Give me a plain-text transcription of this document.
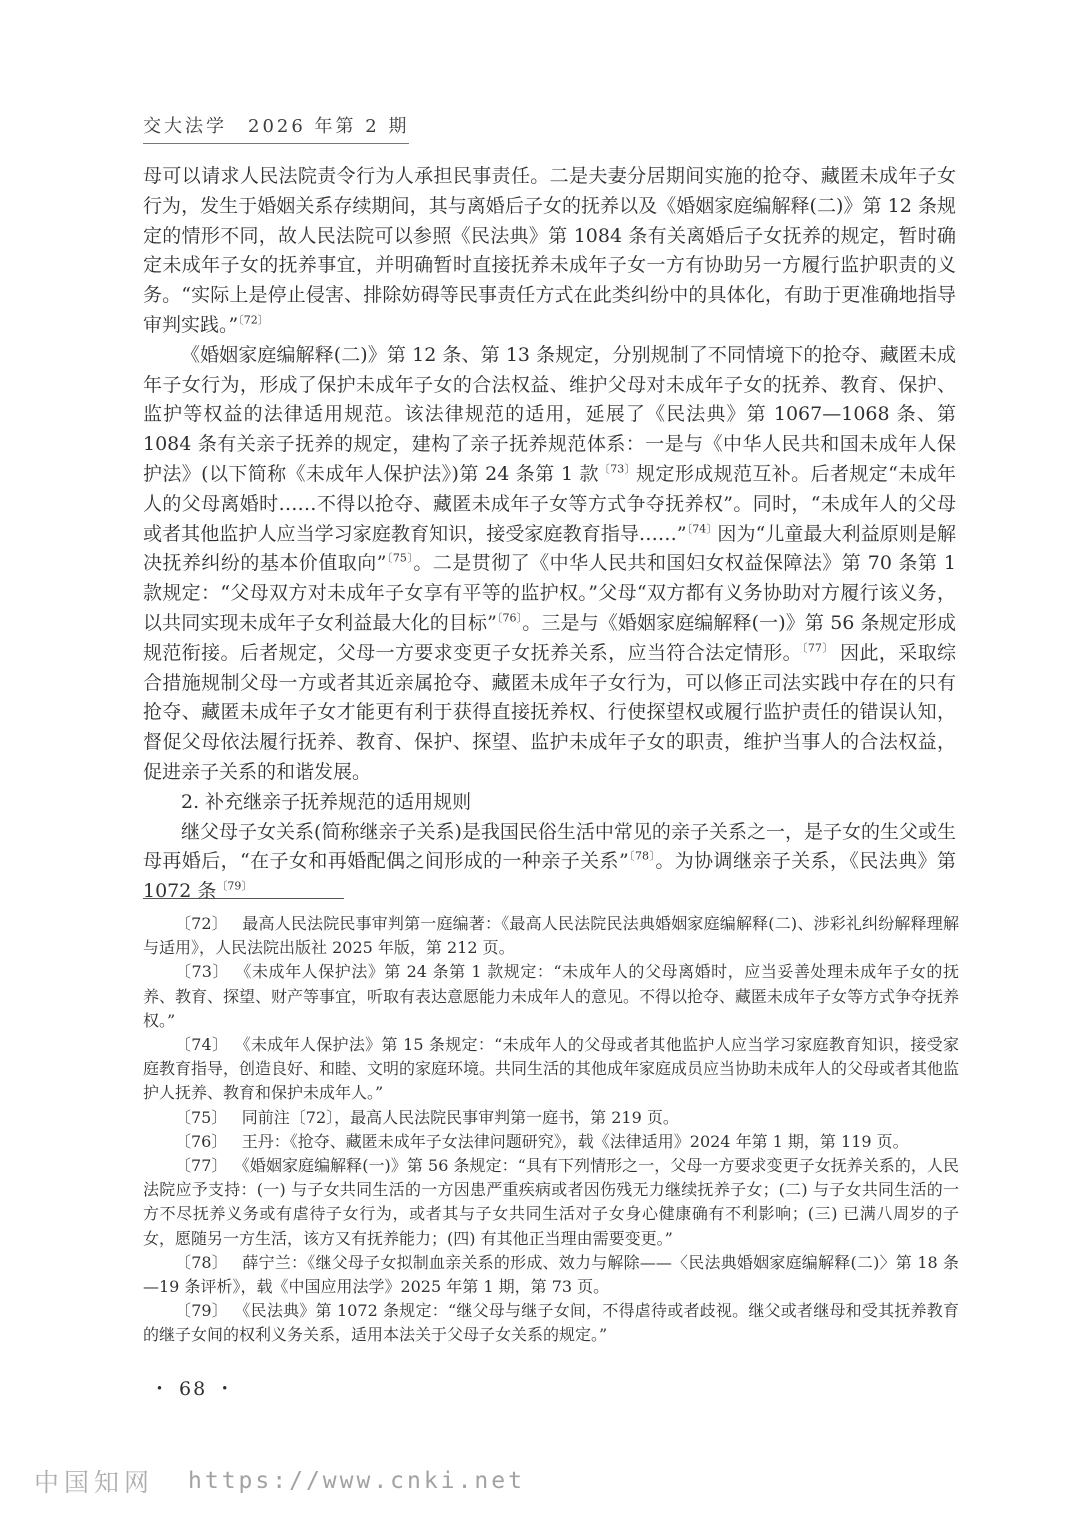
交大法学　2026 年第 2 期

母可以请求人民法院责令行为人承担民事责任。二是夫妻分居期间实施的抢夺、藏匿未成年子女行为，发生于婚姻关系存续期间，其与离婚后子女的抚养以及《婚姻家庭编解释(二)》第 12 条规定的情形不同，故人民法院可以参照《民法典》第 1084 条有关离婚后子女抚养的规定，暂时确定未成年子女的抚养事宜，并明确暂时直接抚养未成年子女一方有协助另一方履行监护职责的义务。“实际上是停止侵害、排除妨碍等民事责任方式在此类纠纷中的具体化，有助于更准确地指导审判实践。”$^{〔72〕}$

《婚姻家庭编解释(二)》第 12 条、第 13 条规定，分别规制了不同情境下的抢夺、藏匿未成年子女行为，形成了保护未成年子女的合法权益、维护父母对未成年子女的抚养、教育、保护、监护等权益的法律适用规范。该法律规范的适用，延展了《民法典》第 1067—1068 条、第 1084 条有关亲子抚养的规定，建构了亲子抚养规范体系：一是与《中华人民共和国未成年人保护法》(以下简称《未成年人保护法》)第 24 条第 1 款$^{〔73〕}$规定形成规范互补。后者规定“未成年人的父母离婚时……不得以抢夺、藏匿未成年子女等方式争夺抚养权”。同时，“未成年人的父母或者其他监护人应当学习家庭教育知识，接受家庭教育指导……”$^{〔74〕}$因为“儿童最大利益原则是解决抚养纠纷的基本价值取向”$^{〔75〕}$。二是贯彻了《中华人民共和国妇女权益保障法》第 70 条第 1 款规定：“父母双方对未成年子女享有平等的监护权。”父母“双方都有义务协助对方履行该义务，以共同实现未成年子女利益最大化的目标”$^{〔76〕}$。三是与《婚姻家庭编解释(一)》第 56 条规定形成规范衔接。后者规定，父母一方要求变更子女抚养关系，应当符合法定情形。$^{〔77〕}$ 因此，采取综合措施规制父母一方或者其近亲属抢夺、藏匿未成年子女行为，可以修正司法实践中存在的只有抢夺、藏匿未成年子女才能更有利于获得直接抚养权、行使探望权或履行监护责任的错误认知，督促父母依法履行抚养、教育、保护、探望、监护未成年子女的职责，维护当事人的合法权益，促进亲子关系的和谐发展。

2. 补充继亲子抚养规范的适用规则

继父母子女关系(简称继亲子关系)是我国民俗生活中常见的亲子关系之一，是子女的生父或生母再婚后，“在子女和再婚配偶之间形成的一种亲子关系”$^{〔78〕}$。为协调继亲子关系，《民法典》第 1072 条$^{〔79〕}$

〔72〕 最高人民法院民事审判第一庭编著：《最高人民法院民法典婚姻家庭编解释(二)、涉彩礼纠纷解释理解与适用》，人民法院出版社 2025 年版，第 212 页。

〔73〕 《未成年人保护法》第 24 条第 1 款规定：“未成年人的父母离婚时，应当妥善处理未成年子女的抚养、教育、探望、财产等事宜，听取有表达意愿能力未成年人的意见。不得以抢夺、藏匿未成年子女等方式争夺抚养权。”

〔74〕 《未成年人保护法》第 15 条规定：“未成年人的父母或者其他监护人应当学习家庭教育知识，接受家庭教育指导，创造良好、和睦、文明的家庭环境。共同生活的其他成年家庭成员应当协助未成年人的父母或者其他监护人抚养、教育和保护未成年人。”

〔75〕 同前注〔72〕，最高人民法院民事审判第一庭书，第 219 页。

〔76〕 王丹：《抢夺、藏匿未成年子女法律问题研究》，载《法律适用》2024 年第 1 期，第 119 页。

〔77〕 《婚姻家庭编解释(一)》第 56 条规定：“具有下列情形之一，父母一方要求变更子女抚养关系的，人民法院应予支持：(一) 与子女共同生活的一方因患严重疾病或者因伤残无力继续抚养子女；(二) 与子女共同生活的一方不尽抚养义务或有虐待子女行为，或者其与子女共同生活对子女身心健康确有不利影响；(三) 已满八周岁的子女，愿随另一方生活，该方又有抚养能力；(四) 有其他正当理由需要变更。”

〔78〕 薛宁兰：《继父母子女拟制血亲关系的形成、效力与解除——〈民法典婚姻家庭编解释(二)〉第 18 条—19 条评析》，载《中国应用法学》2025 年第 1 期，第 73 页。

〔79〕 《民法典》第 1072 条规定：“继父母与继子女间，不得虐待或者歧视。继父或者继母和受其抚养教育的继子女间的权利义务关系，适用本法关于父母子女关系的规定。”

・ 68 ・
中国知网 https://www.cnki.net
